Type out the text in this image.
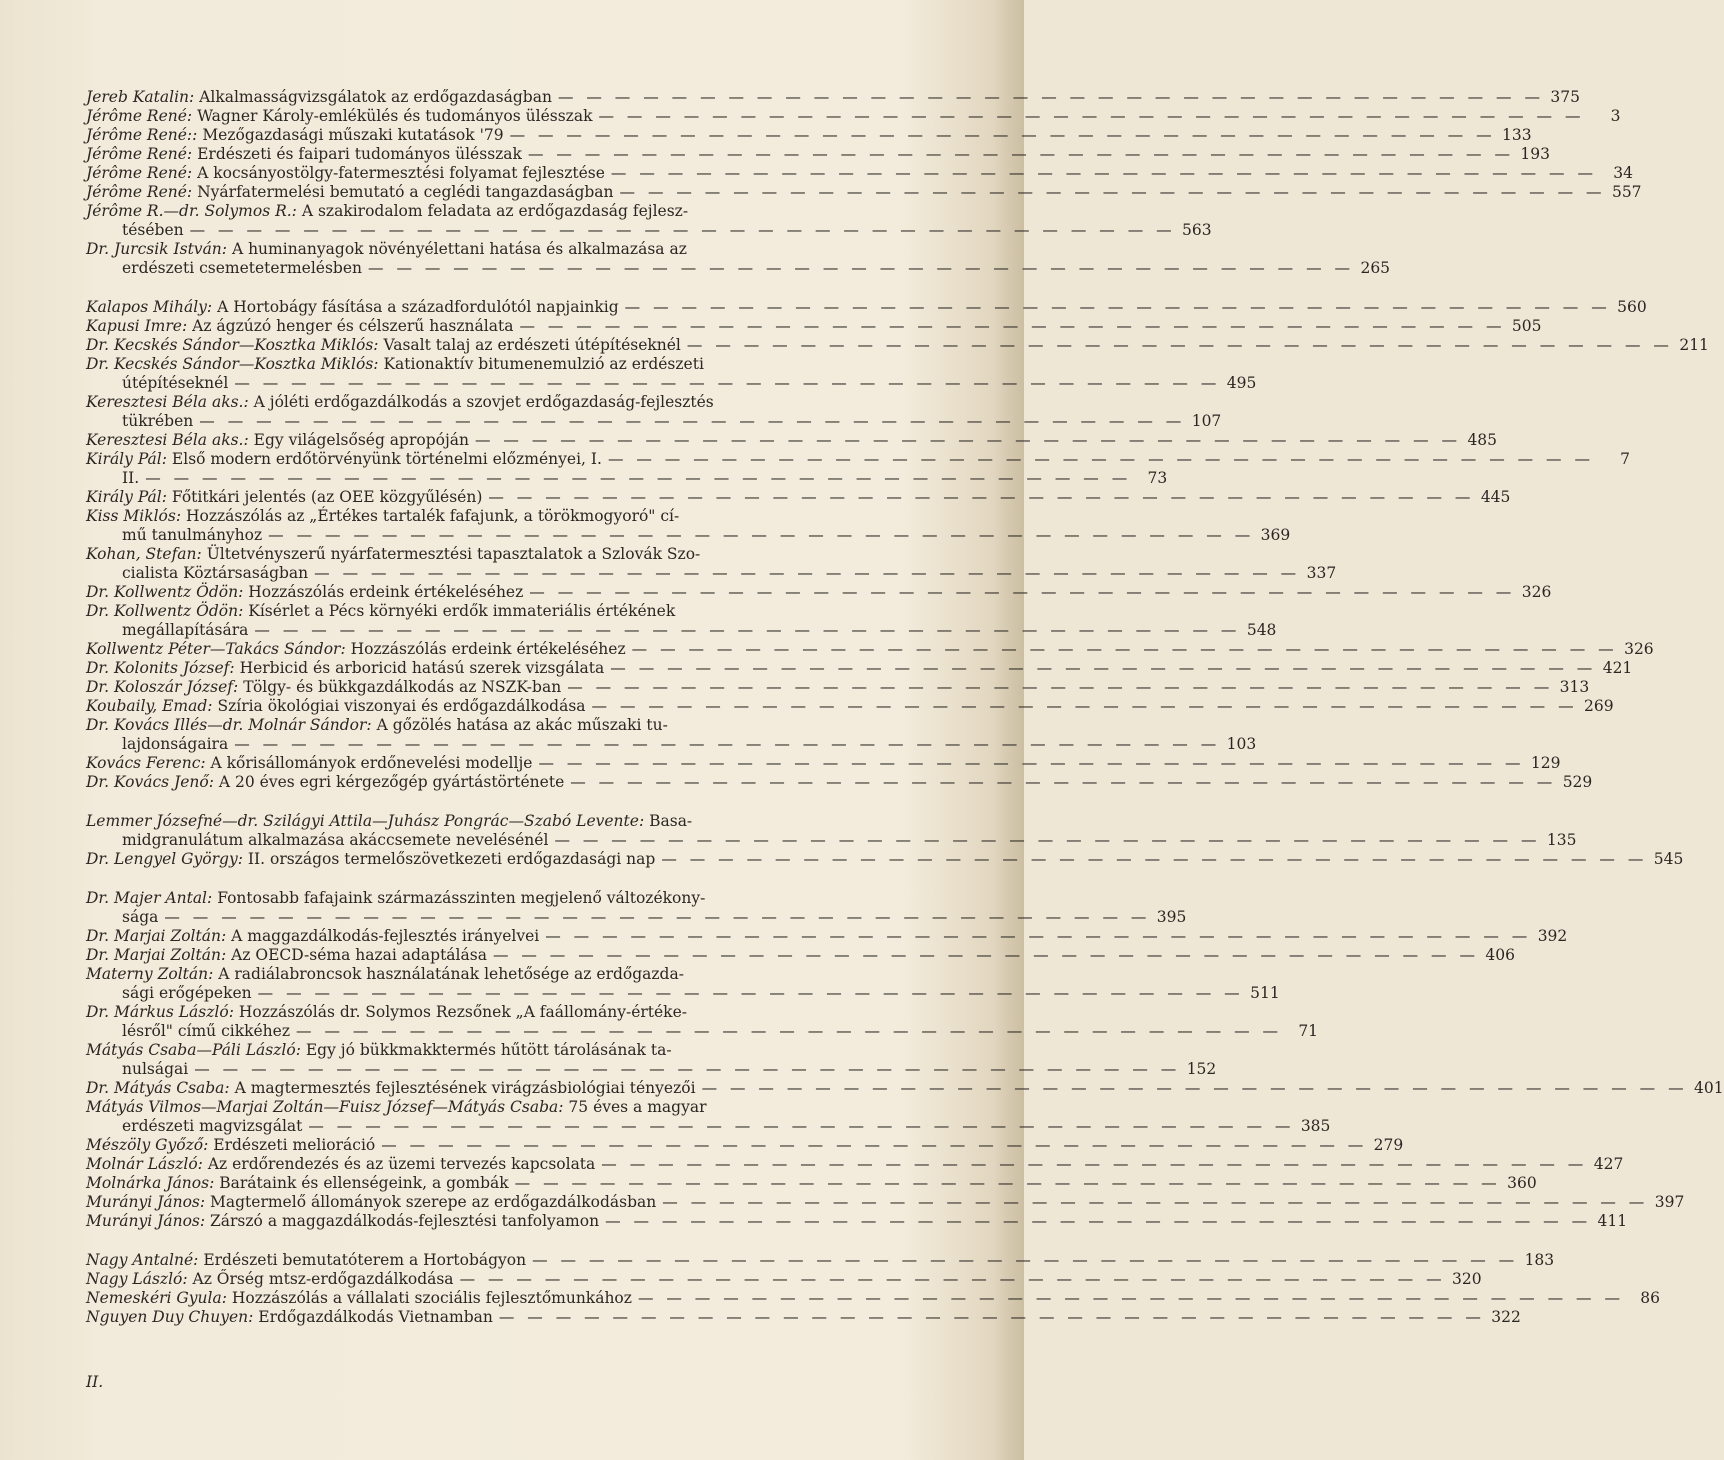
Jereb Katalin: Alkalmasságvizsgálatok az erdőgazdaságban — — —	375
Jérôme René: Wagner Károly-emlékülés és tudományos ülésszak — — —	3
Jérôme René:: Mezőgazdasági műszaki kutatások '79 — — —	133
Jérôme René: Erdészeti és faipari tudományos ülésszak — — —	193
Jérôme René: A kocsányostölgy-fatermesztési folyamat fejlesztése — — —	34
Jérôme René: Nyárfatermelési bemutató a ceglédi tangazdaságban — — —	557
Jérôme R.—dr. Solymos R.: A szakirodalom feladata az erdőgazdaság fejlesz-
tésében — — —	563
Dr. Jurcsik István: A huminanyagok növényélettani hatása és alkalmazása az
erdészeti csemetetermelésben — — —	265
Kalapos Mihály: A Hortobágy fásítása a századfordulótól napjainkig — — —	560
Kapusi Imre: Az ágzúzó henger és célszerű használata — — —	505
Dr. Kecskés Sándor—Kosztka Miklós: Vasalt talaj az erdészeti útépítéseknél — — —	211
Dr. Kecskés Sándor—Kosztka Miklós: Kationaktív bitumenemulzió az erdészeti
útépítéseknél — — —	495
Keresztesi Béla aks.: A jóléti erdőgazdálkodás a szovjet erdőgazdaság-fejlesztés
tükrében — — —	107
Keresztesi Béla aks.: Egy világelsőség apropóján — — —	485
Király Pál: Első modern erdőtörvényünk történelmi előzményei, I. — — —	7
II. — — —	73
Király Pál: Főtitkári jelentés (az OEE közgyűlésén) — — —	445
Kiss Miklós: Hozzászólás az „Értékes tartalék fafajunk, a törökmogyoró" cí-
mű tanulmányhoz — — —	369
Kohan, Stefan: Ültetvényszerű nyárfatermesztési tapasztalatok a Szlovák Szo-
cialista Köztársaságban — — —	337
Dr. Kollwentz Ödön: Hozzászólás erdeink értékeléséhez — — —	326
Dr. Kollwentz Ödön: Kísérlet a Pécs környéki erdők immateriális értékének
megállapítására — — —	548
Kollwentz Péter—Takács Sándor: Hozzászólás erdeink értékeléséhez — — —	326
Dr. Kolonits József: Herbicid és arboricid hatású szerek vizsgálata — — —	421
Dr. Koloszár József: Tölgy- és bükkgazdálkodás az NSZK-ban — — —	313
Koubaily, Emad: Szíria ökológiai viszonyai és erdőgazdálkodása — — —	269
Dr. Kovács Illés—dr. Molnár Sándor: A gőzölés hatása az akác műszaki tu-
lajdonságaira — — —	103
Kovács Ferenc: A kőrisállományok erdőnevelési modellje — — —	129
Dr. Kovács Jenő: A 20 éves egri kérgezőgép gyártástörténete — — —	529
Lemmer Józsefné—dr. Szilágyi Attila—Juhász Pongrác—Szabó Levente: Basa-
midgranulátum alkalmazása akáccsemete nevelésénél — — —	135
Dr. Lengyel György: II. országos termelőszövetkezeti erdőgazdasági nap — — —	545
Dr. Majer Antal: Fontosabb fafajaink származásszinten megjelenő változékony-
sága — — —	395
Dr. Marjai Zoltán: A maggazdálkodás-fejlesztés irányelvei — — —	392
Dr. Marjai Zoltán: Az OECD-séma hazai adaptálása — — —	406
Materny Zoltán: A radiálabroncsok használatának lehetősége az erdőgazda-
sági erőgépeken — — —	511
Dr. Márkus László: Hozzászólás dr. Solymos Rezsőnek „A faállomány-értéke-
lésről" című cikkéhez — — —	71
Mátyás Csaba—Páli László: Egy jó bükkmakktermés hűtött tárolásának ta-
nulságai — — —	152
Dr. Mátyás Csaba: A magtermesztés fejlesztésének virágzásbiológiai tényezői — — —	401
Mátyás Vilmos—Marjai Zoltán—Fuisz József—Mátyás Csaba: 75 éves a magyar
erdészeti magvizsgálat — — —	385
Mészöly Győző: Erdészeti melioráció — — —	279
Molnár László: Az erdőrendezés és az üzemi tervezés kapcsolata — — —	427
Molnárka János: Barátaink és ellenségeink, a gombák — — —	360
Murányi János: Magtermelő állományok szerepe az erdőgazdálkodásban — — —	397
Murányi János: Zárszó a maggazdálkodás-fejlesztési tanfolyamon — — —	411
Nagy Antalné: Erdészeti bemutatóterem a Hortobágyon — — —	183
Nagy László: Az Őrség mtsz-erdőgazdálkodása — — —	320
Nemeskéri Gyula: Hozzászólás a vállalati szociális fejlesztőmunkához — — —	86
Nguyen Duy Chuyen: Erdőgazdálkodás Vietnamban — — —	322
II.
